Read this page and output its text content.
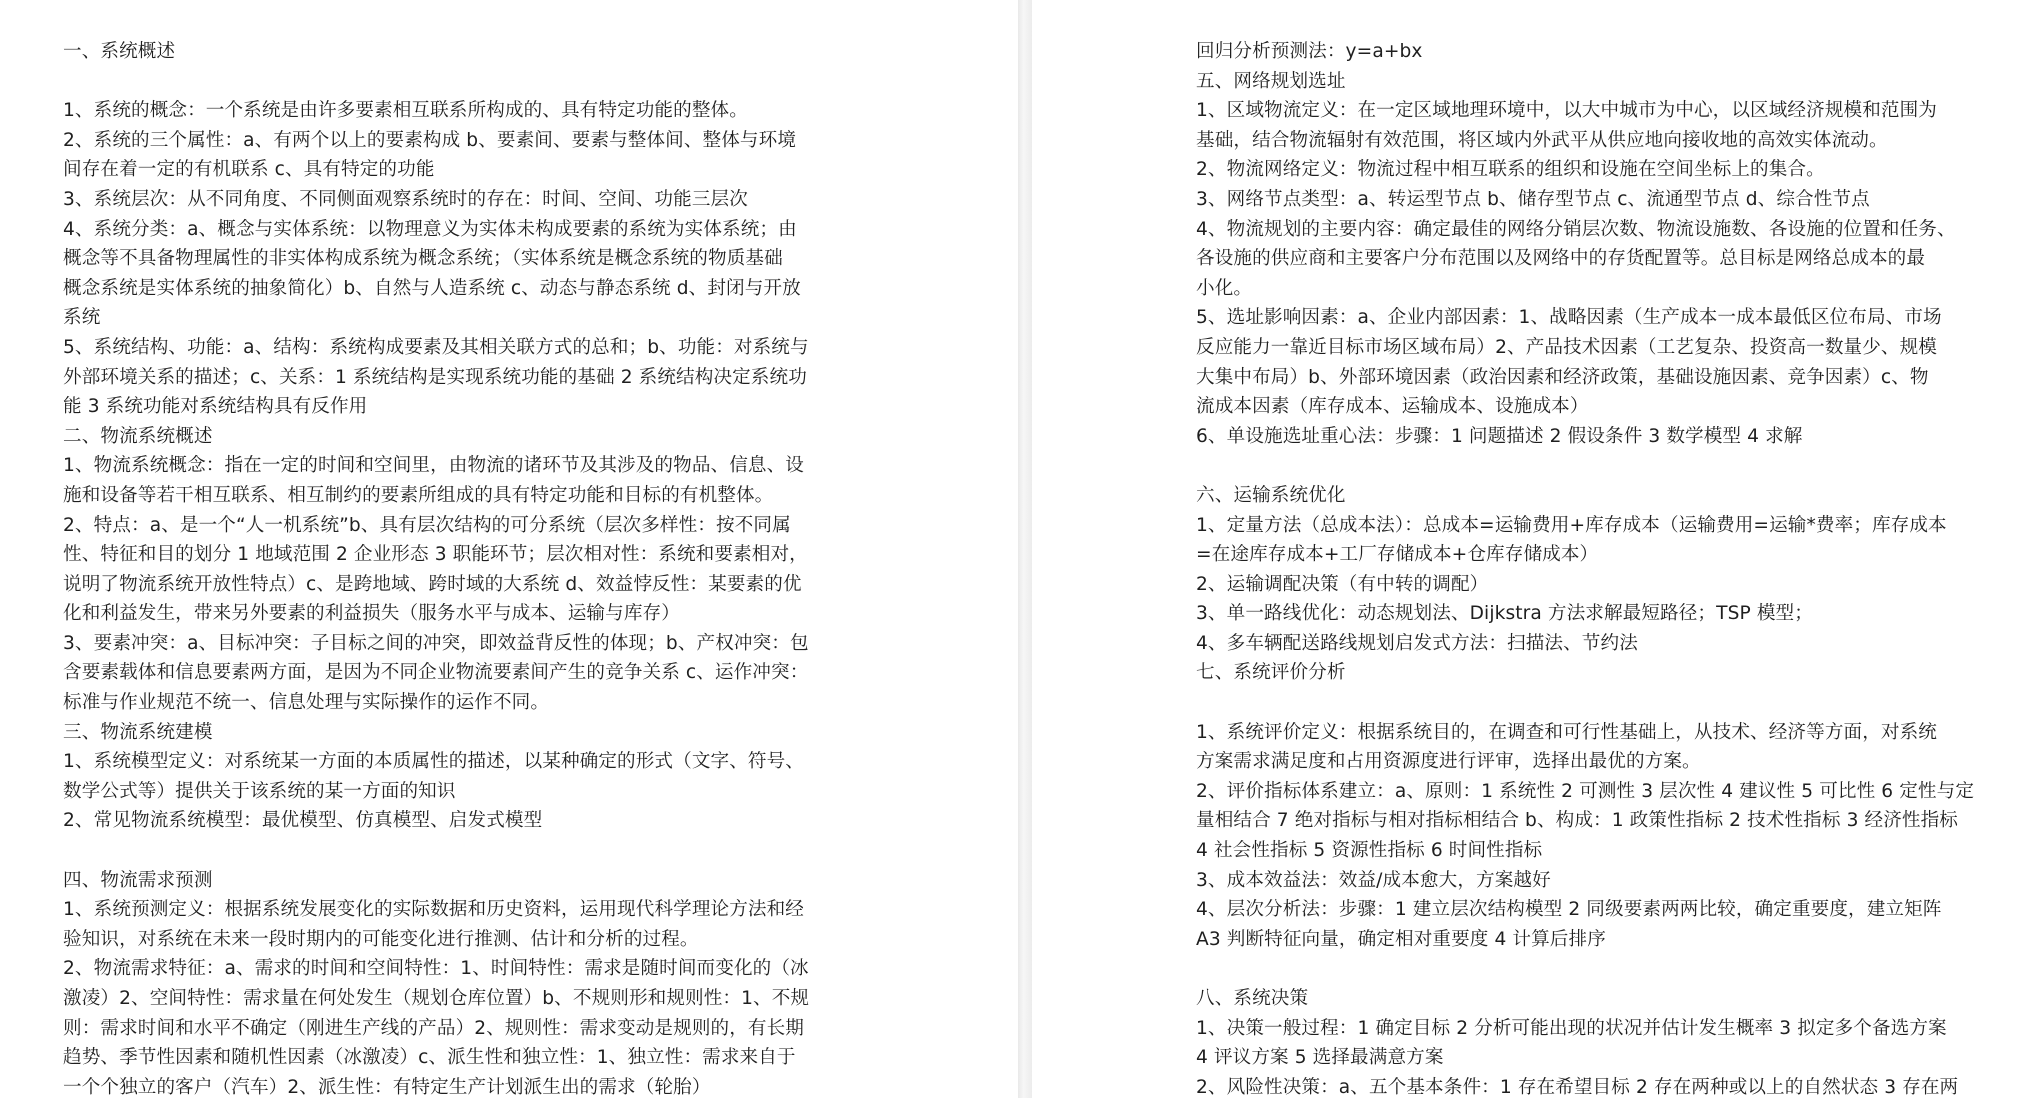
一、系统概述
1、系统的概念：一个系统是由许多要素相互联系所构成的、具有特定功能的整体。
2、系统的三个属性：a、有两个以上的要素构成 b、要素间、要素与整体间、整体与环境
间存在着一定的有机联系 c、具有特定的功能
3、系统层次：从不同角度、不同侧面观察系统时的存在：时间、空间、功能三层次
4、系统分类：a、概念与实体系统：以物理意义为实体未构成要素的系统为实体系统；由
概念等不具备物理属性的非实体构成系统为概念系统；（实体系统是概念系统的物质基础
概念系统是实体系统的抽象简化）b、自然与人造系统 c、动态与静态系统 d、封闭与开放
系统
5、系统结构、功能：a、结构：系统构成要素及其相关联方式的总和；b、功能：对系统与
外部环境关系的描述；c、关系：1 系统结构是实现系统功能的基础 2 系统结构决定系统功
能 3 系统功能对系统结构具有反作用
二、物流系统概述
1、物流系统概念：指在一定的时间和空间里，由物流的诸环节及其涉及的物品、信息、设
施和设备等若干相互联系、相互制约的要素所组成的具有特定功能和目标的有机整体。
2、特点：a、是一个“人一机系统”b、具有层次结构的可分系统（层次多样性：按不同属
性、特征和目的划分 1 地域范围 2 企业形态 3 职能环节；层次相对性：系统和要素相对，
说明了物流系统开放性特点）c、是跨地域、跨时域的大系统 d、效益悖反性：某要素的优
化和利益发生，带来另外要素的利益损失（服务水平与成本、运输与库存）
3、要素冲突：a、目标冲突：子目标之间的冲突，即效益背反性的体现；b、产权冲突：包
含要素载体和信息要素两方面，是因为不同企业物流要素间产生的竞争关系 c、运作冲突：
标准与作业规范不统一、信息处理与实际操作的运作不同。
三、物流系统建模
1、系统模型定义：对系统某一方面的本质属性的描述，以某种确定的形式（文字、符号、
数学公式等）提供关于该系统的某一方面的知识
2、常见物流系统模型：最优模型、仿真模型、启发式模型
四、物流需求预测
1、系统预测定义：根据系统发展变化的实际数据和历史资料，运用现代科学理论方法和经
验知识，对系统在未来一段时期内的可能变化进行推测、估计和分析的过程。
2、物流需求特征：a、需求的时间和空间特性：1、时间特性：需求是随时间而变化的（冰
激凌）2、空间特性：需求量在何处发生（规划仓库位置）b、不规则形和规则性：1、不规
则：需求时间和水平不确定（刚进生产线的产品）2、规则性：需求变动是规则的，有长期
趋势、季节性因素和随机性因素（冰激凌）c、派生性和独立性：1、独立性：需求来自于
一个个独立的客户（汽车）2、派生性：有特定生产计划派生出的需求（轮胎）
回归分析预测法：y=a+bx
五、网络规划选址
1、区域物流定义：在一定区域地理环境中，以大中城市为中心，以区域经济规模和范围为
基础，结合物流辐射有效范围，将区域内外武平从供应地向接收地的高效实体流动。
2、物流网络定义：物流过程中相互联系的组织和设施在空间坐标上的集合。
3、网络节点类型：a、转运型节点 b、储存型节点 c、流通型节点 d、综合性节点
4、物流规划的主要内容：确定最佳的网络分销层次数、物流设施数、各设施的位置和任务、
各设施的供应商和主要客户分布范围以及网络中的存货配置等。总目标是网络总成本的最
小化。
5、选址影响因素：a、企业内部因素：1、战略因素（生产成本一成本最低区位布局、市场
反应能力一靠近目标市场区域布局）2、产品技术因素（工艺复杂、投资高一数量少、规模
大集中布局）b、外部环境因素（政治因素和经济政策，基础设施因素、竞争因素）c、物
流成本因素（库存成本、运输成本、设施成本）
6、单设施选址重心法：步骤：1 问题描述 2 假设条件 3 数学模型 4 求解
六、运输系统优化
1、定量方法（总成本法）：总成本=运输费用+库存成本（运输费用=运输*费率；库存成本
=在途库存成本+工厂存储成本+仓库存储成本）
2、运输调配决策（有中转的调配）
3、单一路线优化：动态规划法、Dijkstra 方法求解最短路径；TSP 模型；
4、多车辆配送路线规划启发式方法：扫描法、节约法
七、系统评价分析
1、系统评价定义：根据系统目的，在调查和可行性基础上，从技术、经济等方面，对系统
方案需求满足度和占用资源度进行评审，选择出最优的方案。
2、评价指标体系建立：a、原则：1 系统性 2 可测性 3 层次性 4 建议性 5 可比性 6 定性与定
量相结合 7 绝对指标与相对指标相结合 b、构成：1 政策性指标 2 技术性指标 3 经济性指标
4 社会性指标 5 资源性指标 6 时间性指标
3、成本效益法：效益/成本愈大，方案越好
4、层次分析法：步骤：1 建立层次结构模型 2 同级要素两两比较，确定重要度，建立矩阵
A3 判断特征向量，确定相对重要度 4 计算后排序
八、系统决策
1、决策一般过程：1 确定目标 2 分析可能出现的状况并估计发生概率 3 拟定多个备选方案
4 评议方案 5 选择最满意方案
2、风险性决策：a、五个基本条件：1 存在希望目标 2 存在两种或以上的自然状态 3 存在两
